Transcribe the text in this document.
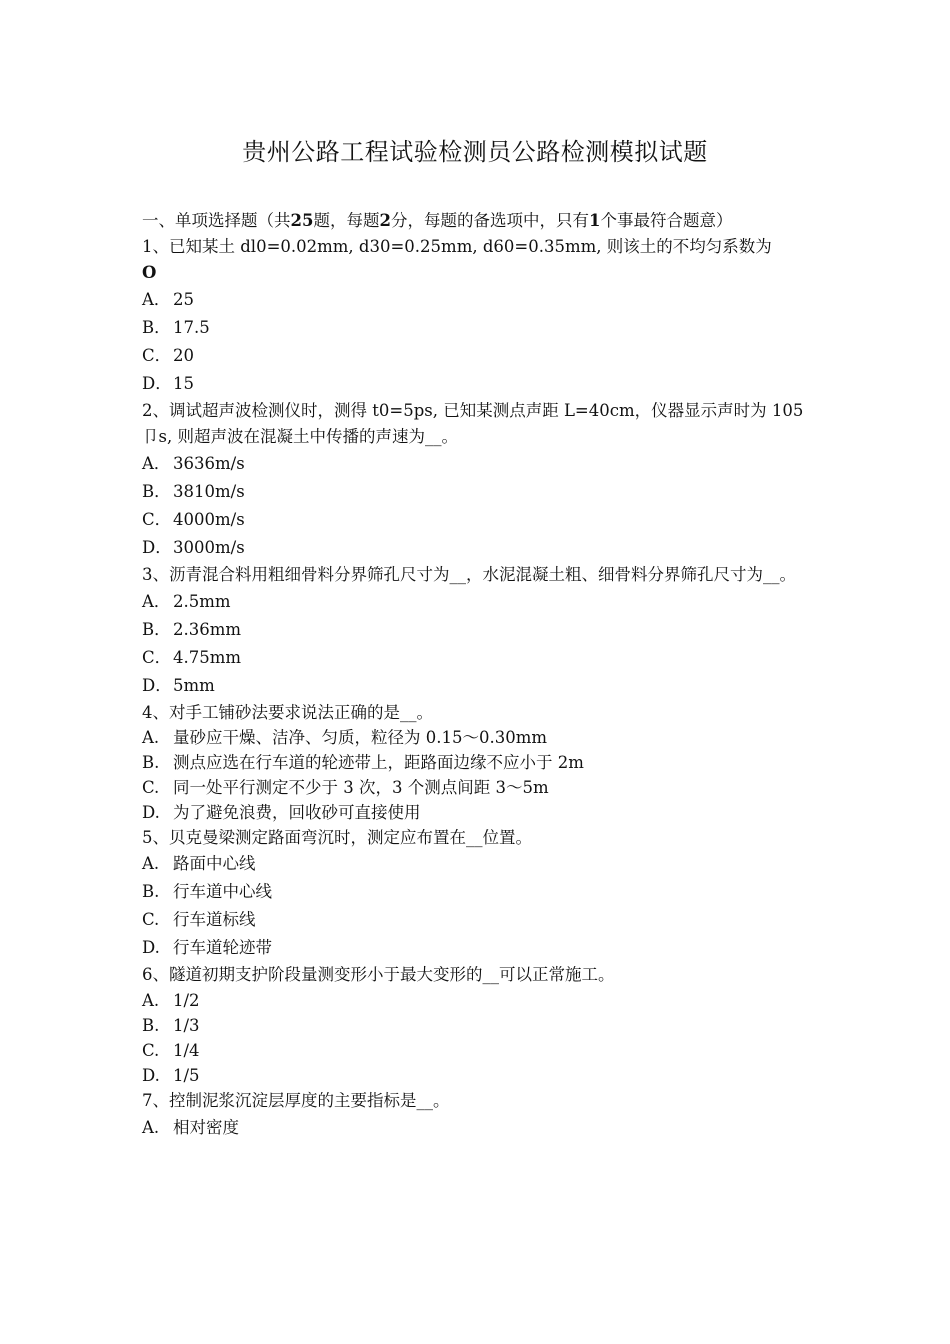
贵州公路工程试验检测员公路检测模拟试题
一、单项选择题（共25题，每题2分，每题的备选项中，只有1个事最符合题意）
1、已知某土 dl0=0.02mm, d30=0.25mm, d60=0.35mm, 则该土的不均匀系数为
O
A． 25
B． 17.5
C． 20
D． 15
2、调试超声波检测仪时，测得 t0=5ps, 已知某测点声距 L=40cm，仪器显示声时为 105 卩s, 则超声波在混凝土中传播的声速为__。
A． 3636m/s
B． 3810m/s
C． 4000m/s
D． 3000m/s
3、沥青混合料用粗细骨料分界筛孔尺寸为__，水泥混凝土粗、细骨料分界筛孔尺寸为__。
A． 2.5mm
B． 2.36mm
C． 4.75mm
D． 5mm
4、对手工铺砂法要求说法正确的是__。
A. 量砂应干燥、洁净、匀质，粒径为 0.15〜0.30mm
B. 测点应选在行车道的轮迹带上，距路面边缘不应小于 2m
C. 同一处平行测定不少于 3 次，3 个测点间距 3〜5m
D. 为了避免浪费，回收砂可直接使用
5、贝克曼梁测定路面弯沉时，测定应布置在__位置。
A. 路面中心线
B. 行车道中心线
C. 行车道标线
D. 行车道轮迹带
6、隧道初期支护阶段量测变形小于最大变形的__可以正常施工。
A. 1/2
B. 1/3
C. 1/4
D. 1/5
7、控制泥浆沉淀层厚度的主要指标是__。
A. 相对密度
